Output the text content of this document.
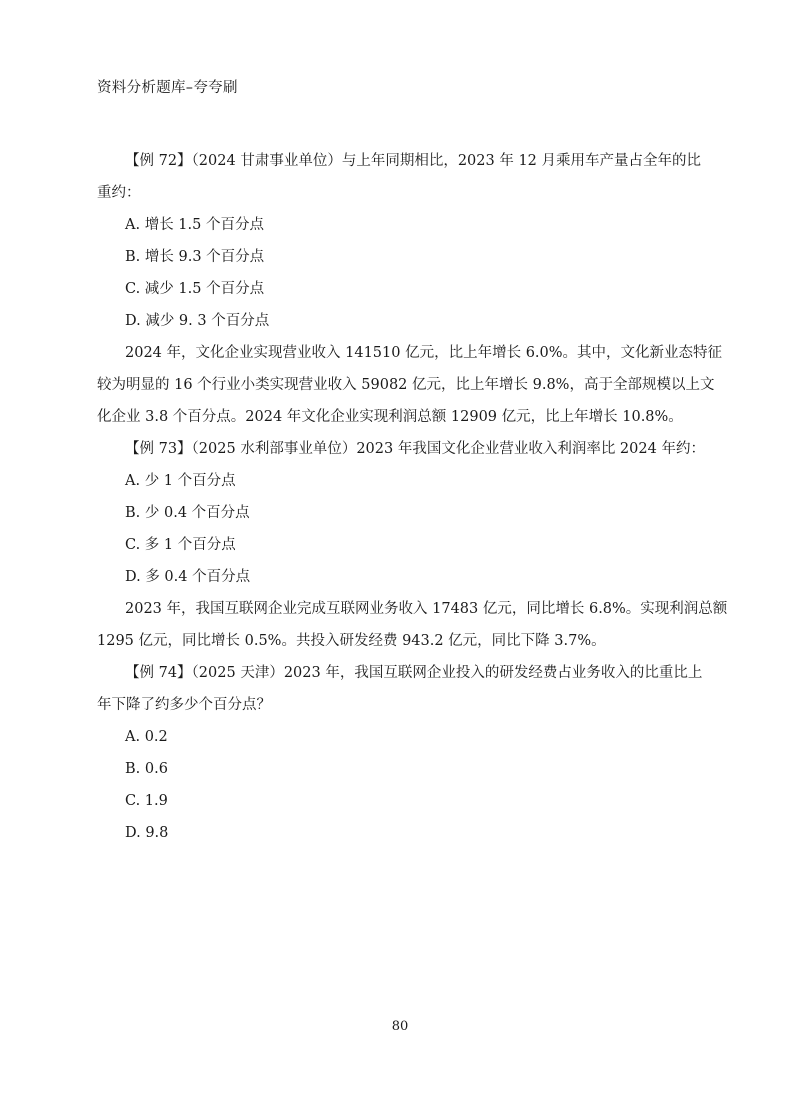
资料分析题库–夸夸刷
【例 72】（2024 甘肃事业单位）与上年同期相比，2023 年 12 月乘用车产量占全年的比
重约：
A. 增长 1.5 个百分点
B. 增长 9.3 个百分点
C. 减少 1.5 个百分点
D. 减少 9. 3 个百分点
2024 年，文化企业实现营业收入 141510 亿元，比上年增长 6.0%。其中，文化新业态特征
较为明显的 16 个行业小类实现营业收入 59082 亿元，比上年增长 9.8%，高于全部规模以上文
化企业 3.8 个百分点。2024 年文化企业实现利润总额 12909 亿元，比上年增长 10.8%。
【例 73】（2025 水利部事业单位）2023 年我国文化企业营业收入利润率比 2024 年约：
A. 少 1 个百分点
B. 少 0.4 个百分点
C. 多 1 个百分点
D. 多 0.4 个百分点
2023 年，我国互联网企业完成互联网业务收入 17483 亿元，同比增长 6.8%。实现利润总额
1295 亿元，同比增长 0.5%。共投入研发经费 943.2 亿元，同比下降 3.7%。
【例 74】（2025 天津）2023 年，我国互联网企业投入的研发经费占业务收入的比重比上
年下降了约多少个百分点？
A. 0.2
B. 0.6
C. 1.9
D. 9.8
80
